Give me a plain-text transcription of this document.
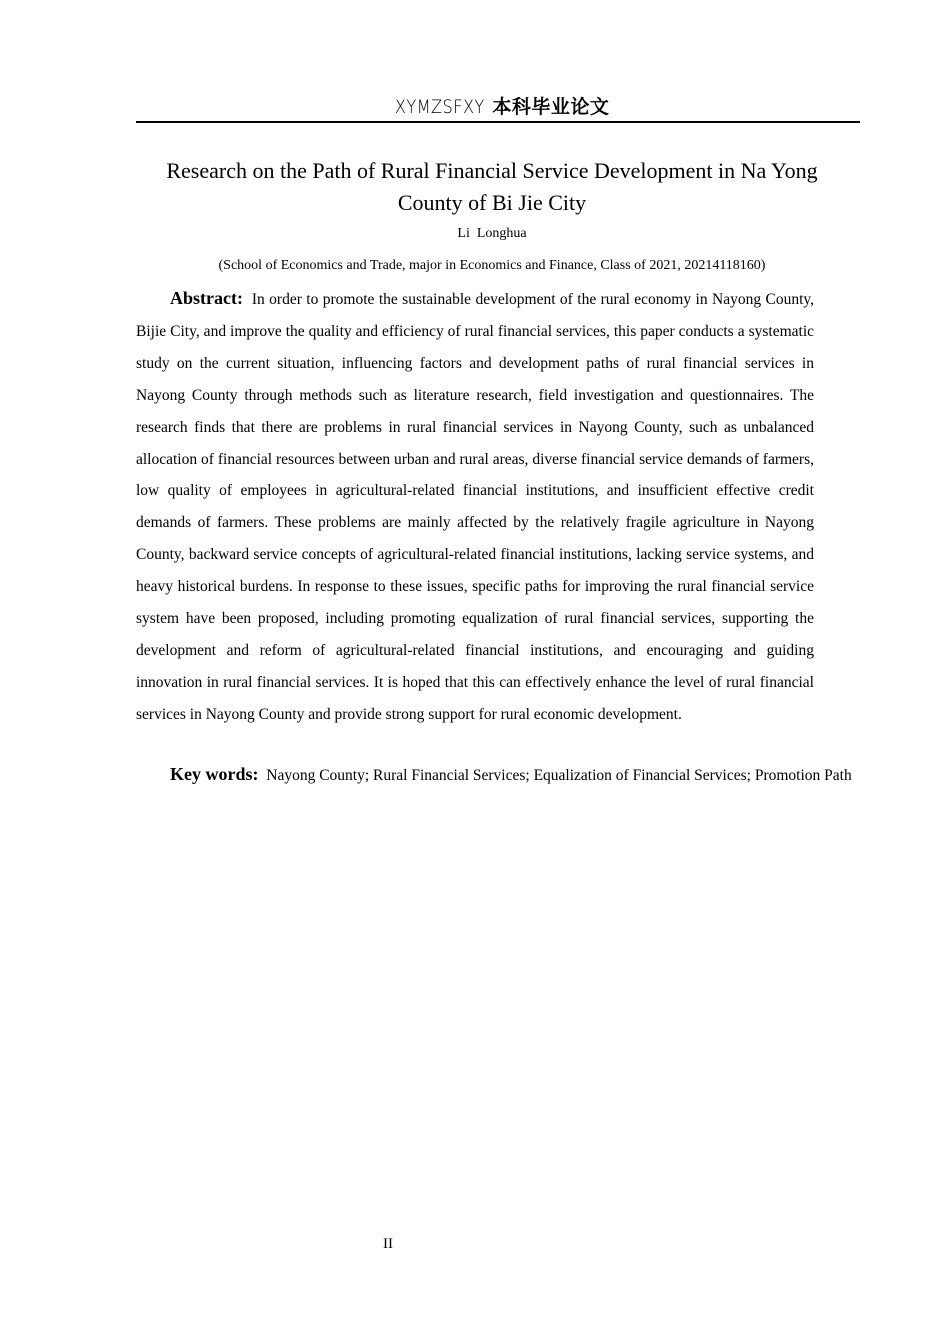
XYMZSFXY 本科毕业论文
Research on the Path of Rural Financial Service Development in Na Yong County of Bi Jie City
Li  Longhua
(School of Economics and Trade, major in Economics and Finance, Class of 2021, 20214118160)
Abstract: In order to promote the sustainable development of the rural economy in Nayong County, Bijie City, and improve the quality and efficiency of rural financial services, this paper conducts a systematic study on the current situation, influencing factors and development paths of rural financial services in Nayong County through methods such as literature research, field investigation and questionnaires. The research finds that there are problems in rural financial services in Nayong County, such as unbalanced allocation of financial resources between urban and rural areas, diverse financial service demands of farmers, low quality of employees in agricultural-related financial institutions, and insufficient effective credit demands of farmers. These problems are mainly affected by the relatively fragile agriculture in Nayong County, backward service concepts of agricultural-related financial institutions, lacking service systems, and heavy historical burdens. In response to these issues, specific paths for improving the rural financial service system have been proposed, including promoting equalization of rural financial services, supporting the development and reform of agricultural-related financial institutions, and encouraging and guiding innovation in rural financial services. It is hoped that this can effectively enhance the level of rural financial services in Nayong County and provide strong support for rural economic development.
Key words: Nayong County; Rural Financial Services; Equalization of Financial Services; Promotion Path
II
